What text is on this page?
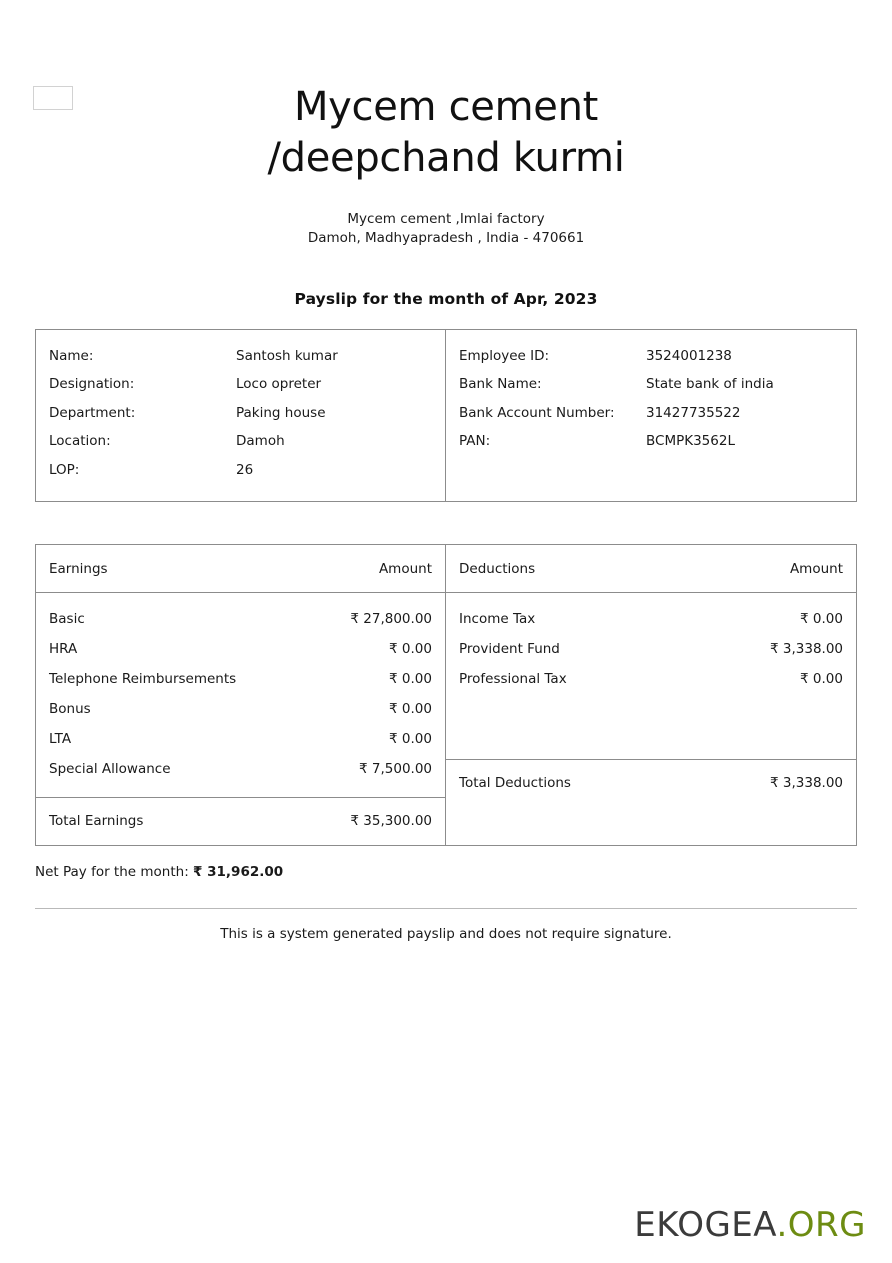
Mycem cement
/deepchand kurmi
Mycem cement ,Imlai factory
Damoh, Madhyapradesh , India - 470661
Payslip for the month of Apr, 2023
Name:	Santosh kumar
Designation:	Loco opreter
Department:	Paking house
Location:	Damoh
LOP:	26
Employee ID:	3524001238
Bank Name:	State bank of india
Bank Account Number:	31427735522
PAN:	BCMPK3562L
Earnings	Amount
Basic	₹ 27,800.00
HRA	₹ 0.00
Telephone Reimbursements	₹ 0.00
Bonus	₹ 0.00
LTA	₹ 0.00
Special Allowance	₹ 7,500.00
Total Earnings	₹ 35,300.00
Deductions	Amount
Income Tax	₹ 0.00
Provident Fund	₹ 3,338.00
Professional Tax	₹ 0.00
Total Deductions	₹ 3,338.00
Net Pay for the month: ₹ 31,962.00
This is a system generated payslip and does not require signature.
EKOGEA.ORG
